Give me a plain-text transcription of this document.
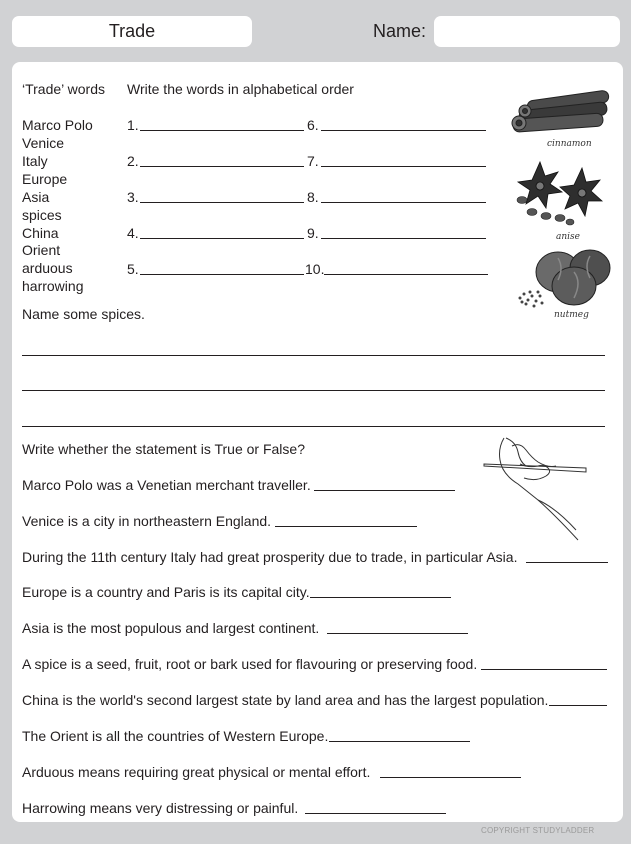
Trade	Name:
‘Trade’ words Write the words in alphabetical order
Marco Polo
Venice
Italy
Europe
Asia
spices
China
Orient
arduous
harrowing
1.	6.
2.	7.
3.	8.
4.	9.
5.	10.
cinnamon
anise
nutmeg
Name some spices.
Write whether the statement is True or False?
Marco Polo was a Venetian merchant traveller.
Venice is a city in northeastern England.
During the 11th century Italy had great prosperity due to trade, in particular Asia.
Europe is a country and Paris is its capital city.
Asia is the most populous and largest continent.
A spice is a seed, fruit, root or bark used for flavouring or preserving food.
China is the world's second largest state by land area and has the largest population.
The Orient is all the countries of Western Europe.
Arduous means requiring great physical or mental effort.
Harrowing means very distressing or painful.
COPYRIGHT STUDYLADDER
